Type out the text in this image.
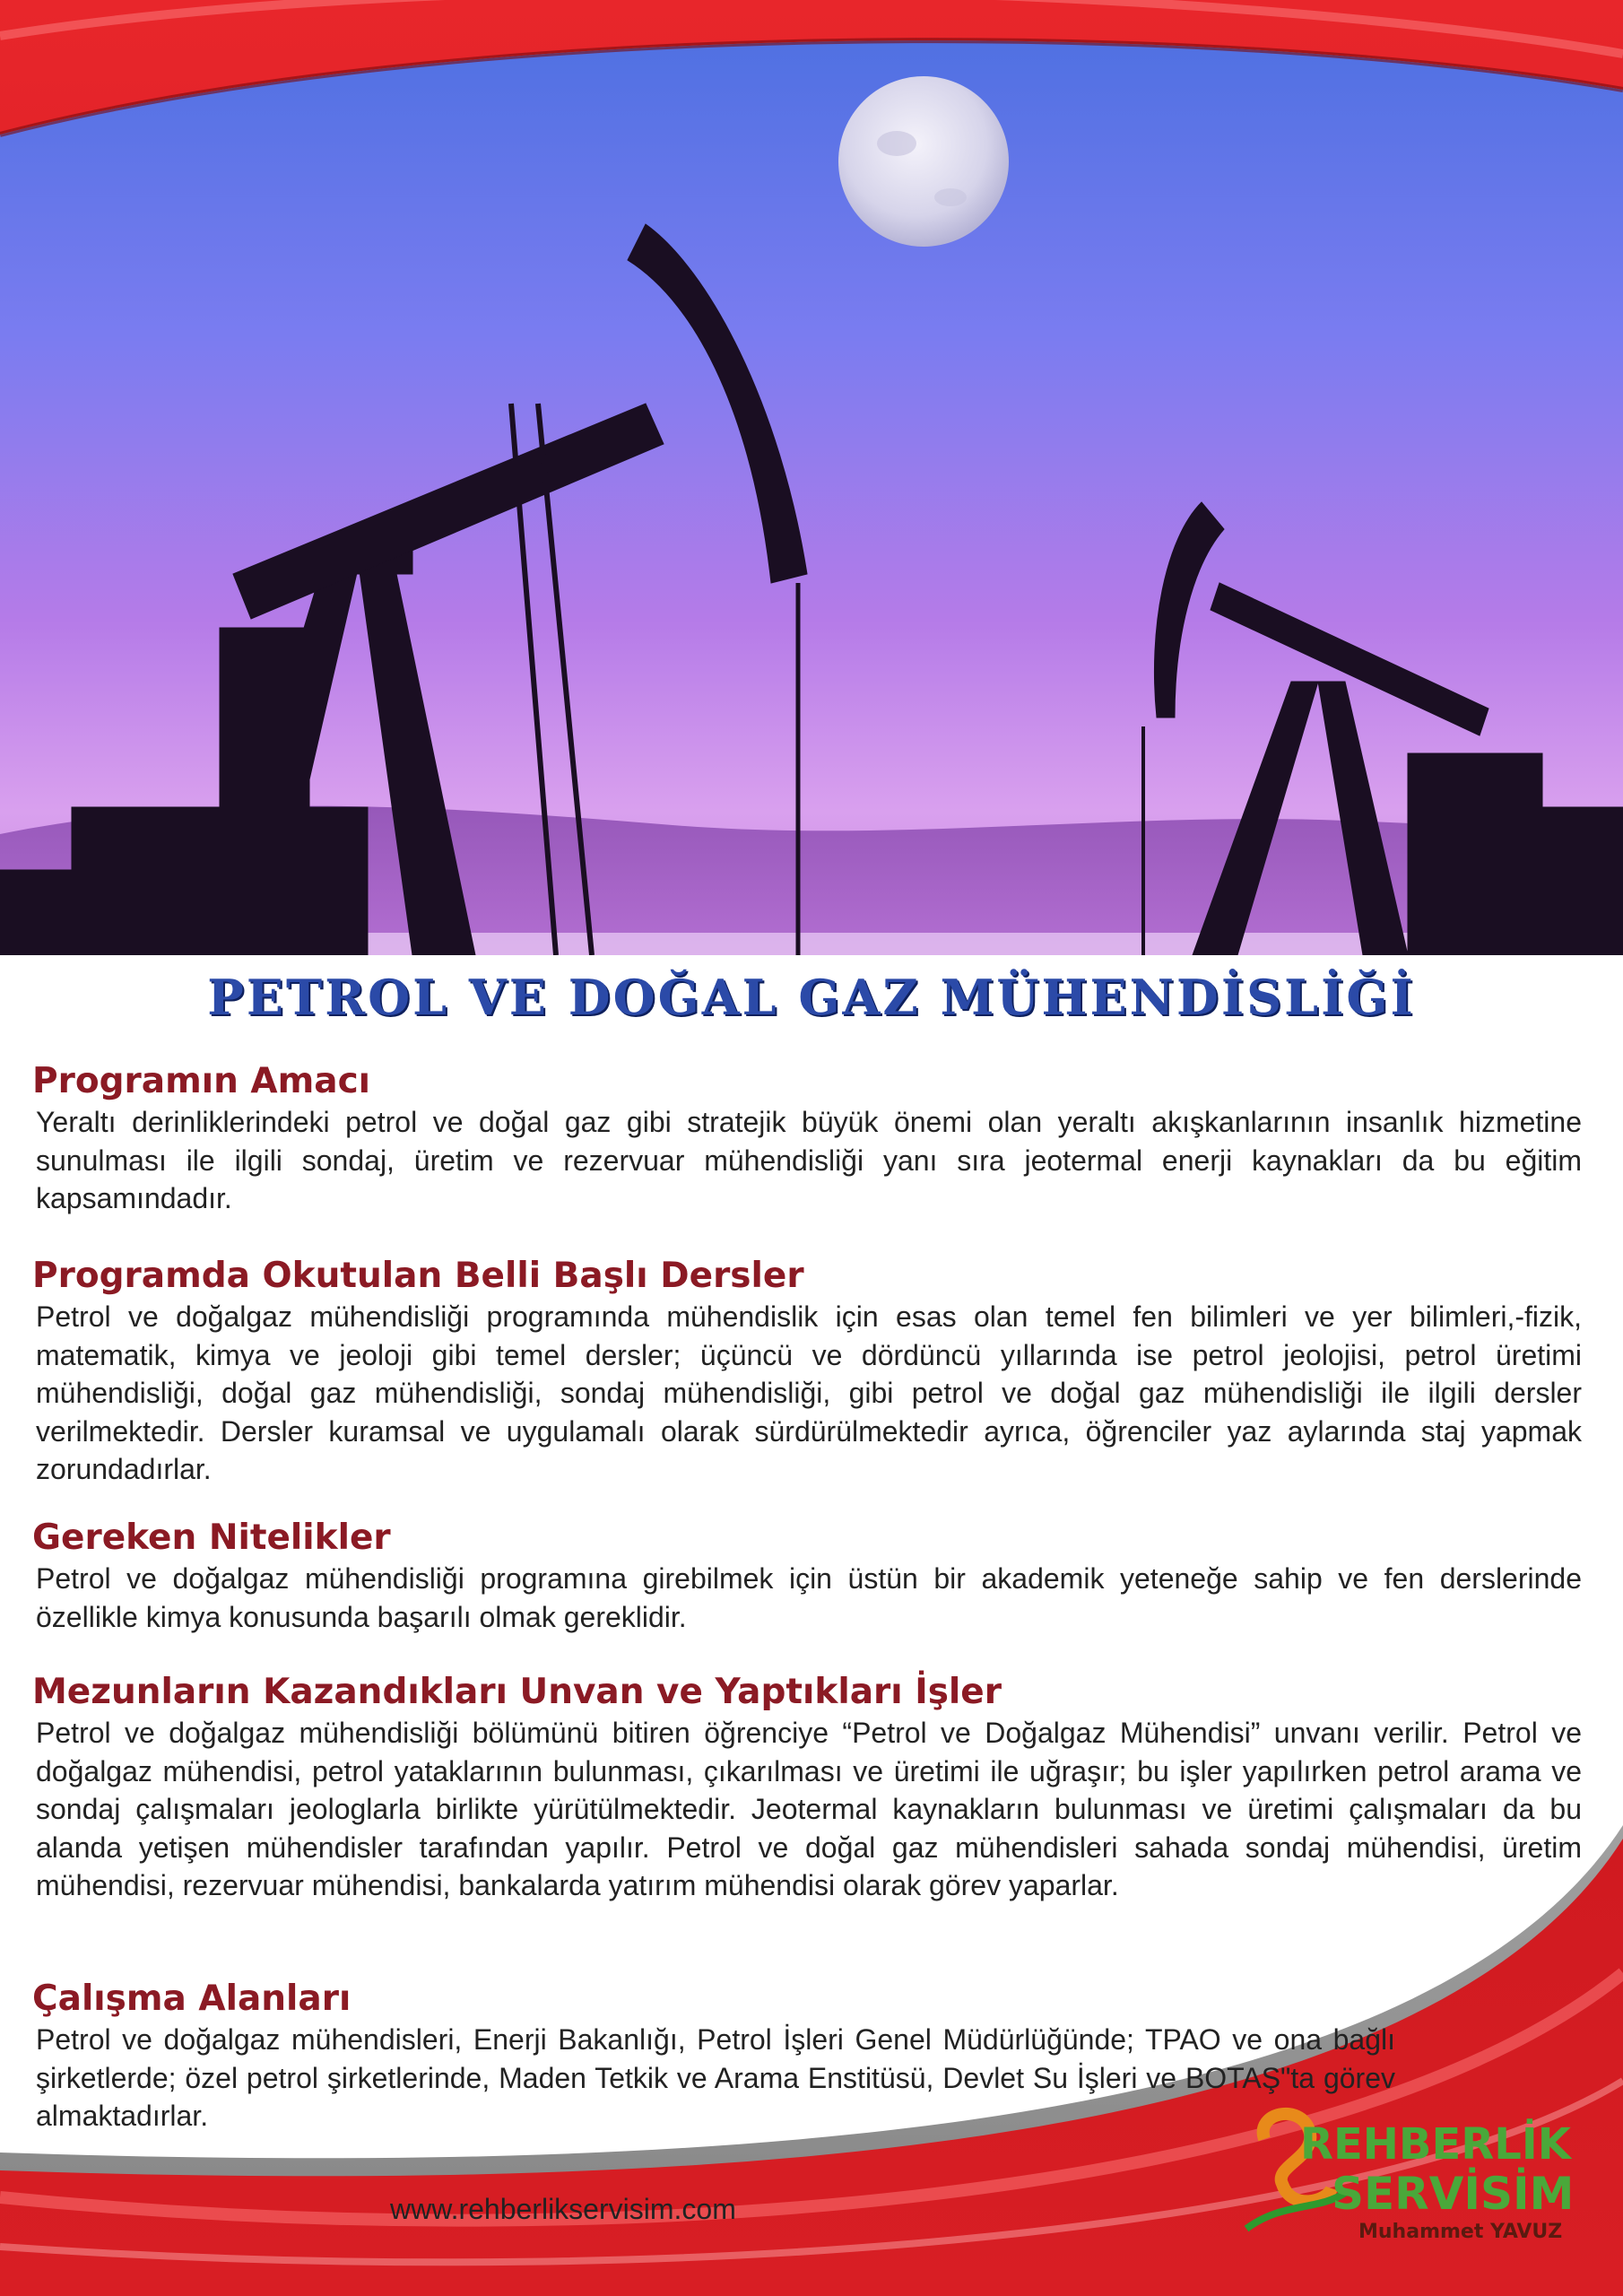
PETROL VE DOĞAL GAZ MÜHENDİSLİĞİ
Programın Amacı
Yeraltı derinliklerindeki petrol ve doğal gaz gibi stratejik büyük önemi olan yeraltı akışkanlarının insanlık hizmetine sunulması ile ilgili sondaj, üretim ve rezervuar mühendisliği yanı sıra jeotermal enerji kaynakları da bu eğitim kapsamındadır.
Programda Okutulan Belli Başlı Dersler
Petrol ve doğalgaz mühendisliği programında mühendislik için esas olan temel fen bilimleri ve yer bilimleri,-fizik, matematik, kimya ve jeoloji gibi temel dersler; üçüncü ve dördüncü yıllarında ise petrol jeolojisi, petrol üretimi mühendisliği, doğal gaz mühendisliği, sondaj mühendisliği, gibi petrol ve doğal gaz mühendisliği ile ilgili dersler verilmektedir. Dersler kuramsal ve uygulamalı olarak sürdürülmektedir ayrıca, öğrenciler yaz aylarında staj yapmak zorundadırlar.
Gereken Nitelikler
Petrol ve doğalgaz mühendisliği programına girebilmek için üstün bir akademik yeteneğe sahip ve fen derslerinde özellikle kimya konusunda başarılı olmak gereklidir.
Mezunların Kazandıkları Unvan ve Yaptıkları İşler
Petrol ve doğalgaz mühendisliği bölümünü bitiren öğrenciye “Petrol ve Doğalgaz Mühendisi” unvanı verilir. Petrol ve doğalgaz mühendisi, petrol yataklarının bulunması, çıkarılması ve üretimi ile uğraşır; bu işler yapılırken petrol arama ve sondaj çalışmaları jeologlarla birlikte yürütülmektedir. Jeotermal kaynakların bulunması ve üretimi çalışmaları da bu alanda yetişen mühendisler tarafından yapılır. Petrol ve doğal gaz mühendisleri sahada sondaj mühendisi, üretim mühendisi, rezervuar mühendisi, bankalarda yatırım mühendisi olarak görev yaparlar.
Çalışma Alanları
Petrol ve doğalgaz mühendisleri, Enerji Bakanlığı, Petrol İşleri Genel Müdürlüğünde; TPAO ve ona bağlı şirketlerde; özel petrol şirketlerinde, Maden Tetkik ve Arama Enstitüsü, Devlet Su İşleri ve BOTAŞ"ta görev almaktadırlar.
www.rehberlikservisim.com
REHBERLİK
SERVİSİM
Muhammet YAVUZ
